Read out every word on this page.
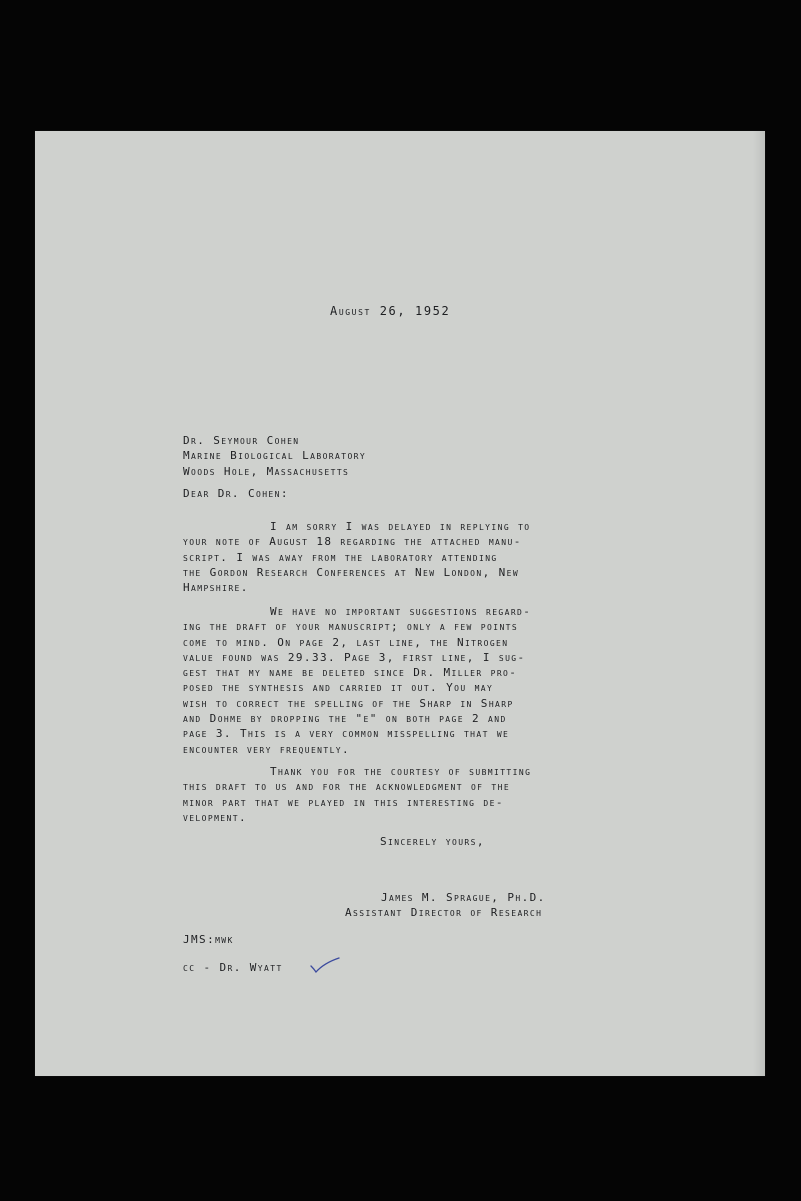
August 26, 1952
Dr. Seymour Cohen
Marine Biological Laboratory
Woods Hole, Massachusetts
Dear Dr. Cohen:
I am sorry I was delayed in replying to
your note of August 18 regarding the attached manu-
script. I was away from the laboratory attending
the Gordon Research Conferences at New London, New
Hampshire.
We have no important suggestions regard-
ing the draft of your manuscript; only a few points
come to mind. On page 2, last line, the Nitrogen
value found was 29.33. Page 3, first line, I sug-
gest that my name be deleted since Dr. Miller pro-
posed the synthesis and carried it out. You may
wish to correct the spelling of the Sharp in Sharp
and Dohme by dropping the "e" on both page 2 and
page 3. This is a very common misspelling that we
encounter very frequently.
Thank you for the courtesy of submitting
this draft to us and for the acknowledgment of the
minor part that we played in this interesting de-
velopment.
Sincerely yours,
James M. Sprague, Ph.D.
Assistant Director of Research
JMS:mwk
cc - Dr. Wyatt
